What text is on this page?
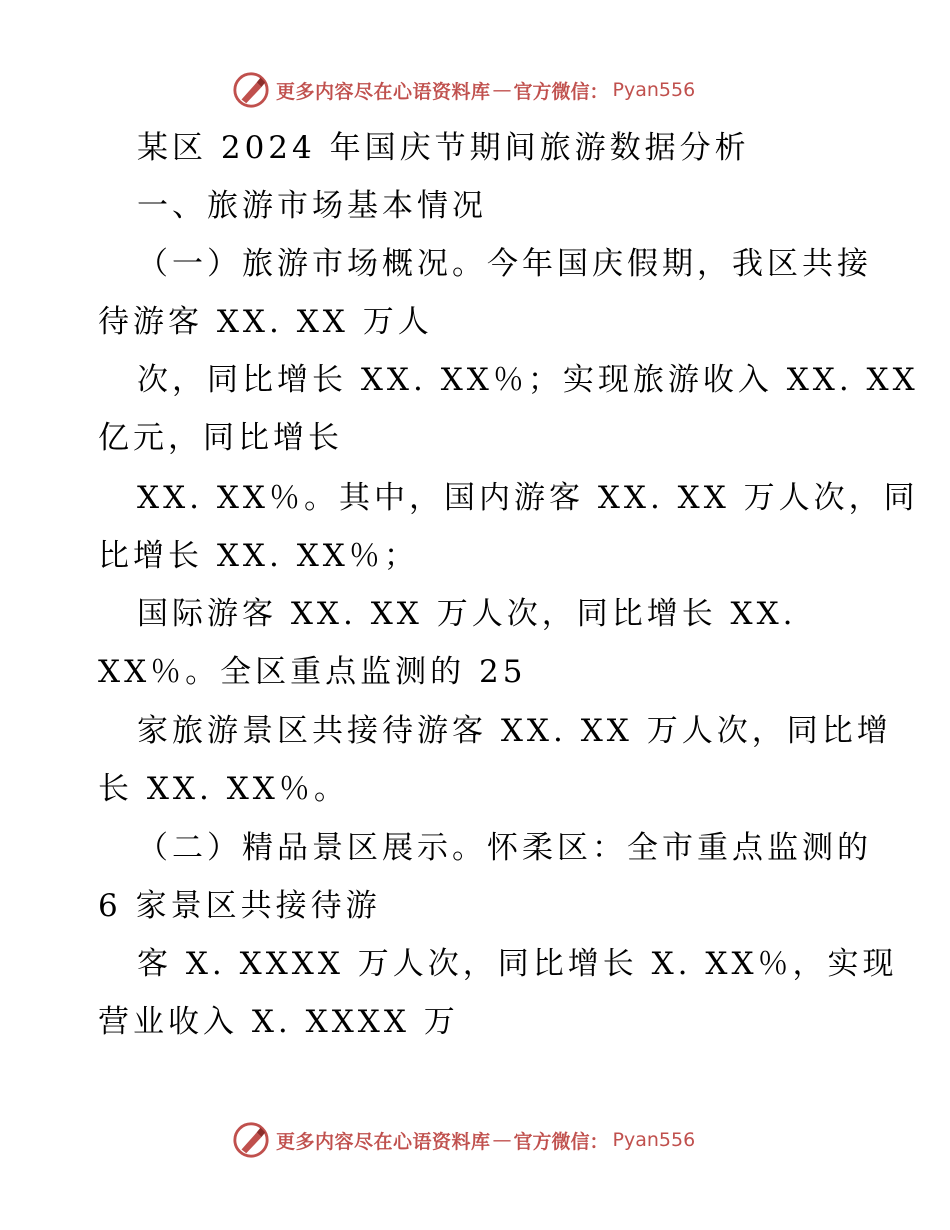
更多内容尽在心语资料库 — 官方微信： Pyan556
某区 2024 年国庆节期间旅游数据分析
一、旅游市场基本情况
（一）旅游市场概况。今年国庆假期，我区共接
待游客 XX. XX 万人
次，同比增长 XX. XX％；实现旅游收入 XX. XX
亿元，同比增长
XX. XX％。其中，国内游客 XX. XX 万人次，同
比增长 XX. XX％；
国际游客 XX. XX 万人次，同比增长 XX.
XX％。全区重点监测的 25
家旅游景区共接待游客 XX. XX 万人次，同比增
长 XX. XX％。
（二）精品景区展示。怀柔区：全市重点监测的
6 家景区共接待游
客 X. XXXX 万人次，同比增长 X. XX％，实现
营业收入 X. XXXX 万
更多内容尽在心语资料库 — 官方微信： Pyan556
